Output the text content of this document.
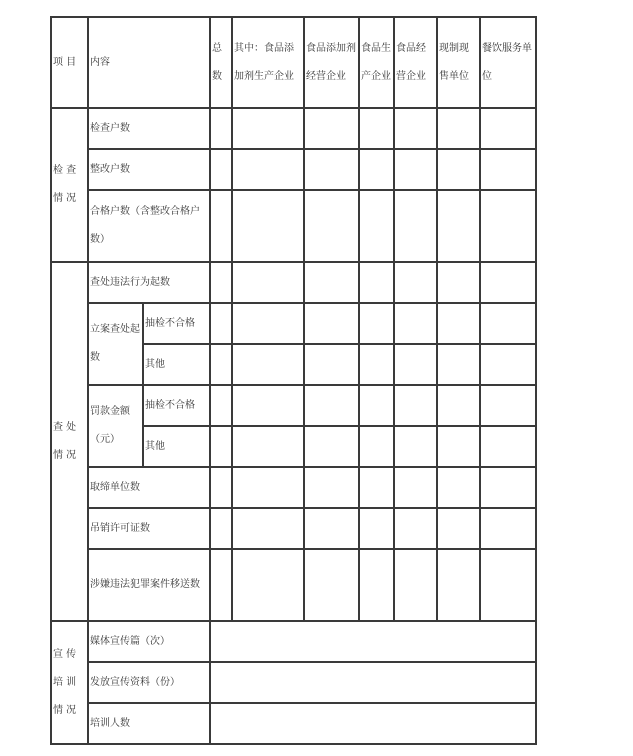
项 目	内容		总数	其中：食品添加剂生产企业	食品添加剂经营企业	食品生产企业	食品经营企业	现制现售单位	餐饮服务单位
检 查 情 况	检查户数								
	整改户数								
	合格户数（含整改合格户数）								
查 处 情 况	查处违法行为起数								
	立案查处起数	抽检不合格							
		其他							
	罚款金额（元）	抽检不合格							
		其他							
	取缔单位数								
	吊销许可证数								
	涉嫌违法犯罪案件移送数								
宣 传 培 训 情 况	媒体宣传篇（次）								
	发放宣传资料（份）								
	培训人数								
